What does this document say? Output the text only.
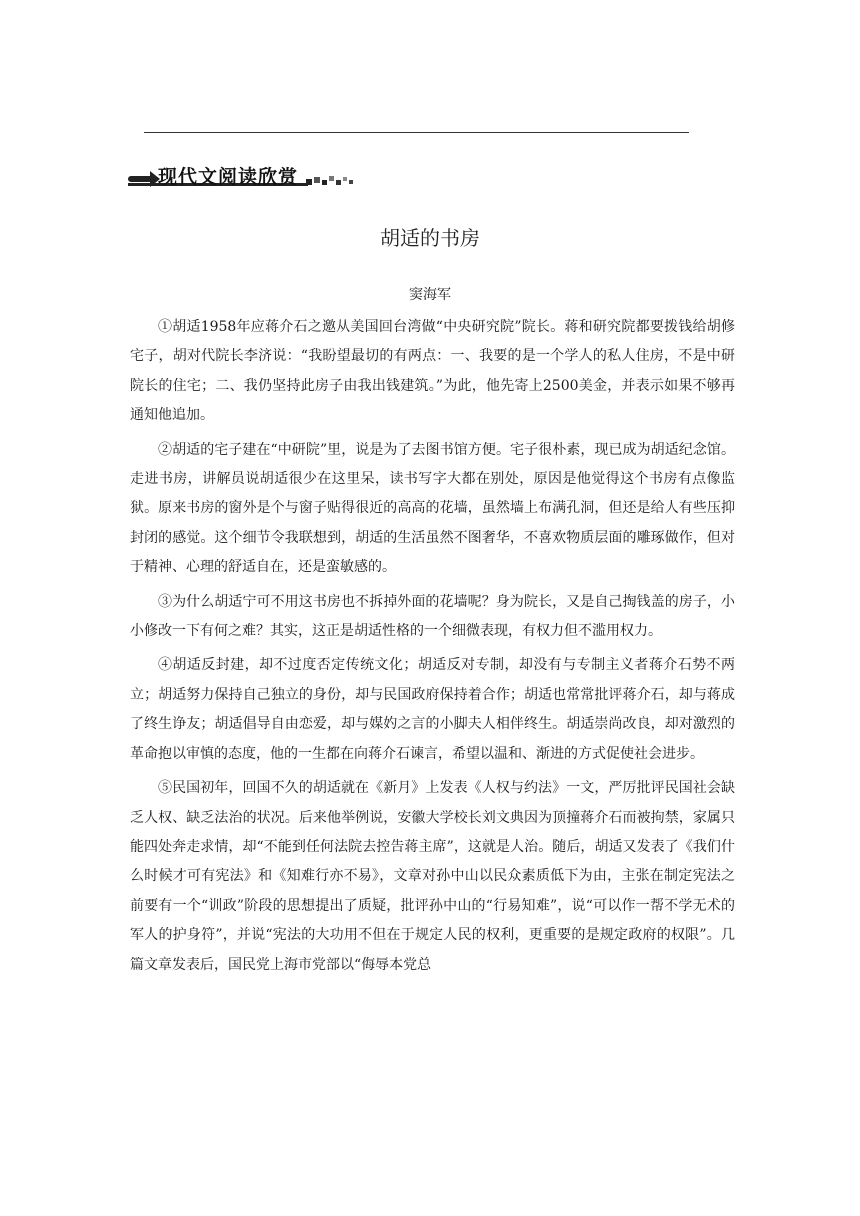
现代文阅读欣赏
胡适的书房
窦海军

①胡适1958年应蒋介石之邀从美国回台湾做“中央研究院”院长。蒋和研究院都要拨钱给胡修宅子，胡对代院长李济说：“我盼望最切的有两点：一、我要的是一个学人的私人住房，不是中研院长的住宅；二、我仍坚持此房子由我出钱建筑。”为此，他先寄上2500美金，并表示如果不够再通知他追加。

②胡适的宅子建在“中研院”里，说是为了去图书馆方便。宅子很朴素，现已成为胡适纪念馆。走进书房，讲解员说胡适很少在这里呆，读书写字大都在别处，原因是他觉得这个书房有点像监狱。原来书房的窗外是个与窗子贴得很近的高高的花墙，虽然墙上布满孔洞，但还是给人有些压抑封闭的感觉。这个细节令我联想到，胡适的生活虽然不图奢华，不喜欢物质层面的雕琢做作，但对于精神、心理的舒适自在，还是蛮敏感的。

③为什么胡适宁可不用这书房也不拆掉外面的花墙呢？身为院长，又是自己掏钱盖的房子，小小修改一下有何之难？其实，这正是胡适性格的一个细微表现，有权力但不滥用权力。

④胡适反封建，却不过度否定传统文化；胡适反对专制，却没有与专制主义者蒋介石势不两立；胡适努力保持自己独立的身份，却与民国政府保持着合作；胡适也常常批评蒋介石，却与蒋成了终生诤友；胡适倡导自由恋爱，却与媒妁之言的小脚夫人相伴终生。胡适崇尚改良，却对激烈的革命抱以审慎的态度，他的一生都在向蒋介石谏言，希望以温和、渐进的方式促使社会进步。

⑤民国初年，回国不久的胡适就在《新月》上发表《人权与约法》一文，严厉批评民国社会缺乏人权、缺乏法治的状况。后来他举例说，安徽大学校长刘文典因为顶撞蒋介石而被拘禁，家属只能四处奔走求情，却“不能到任何法院去控告蒋主席”，这就是人治。随后，胡适又发表了《我们什么时候才可有宪法》和《知难行亦不易》，文章对孙中山以民众素质低下为由，主张在制定宪法之前要有一个“训政”阶段的思想提出了质疑，批评孙中山的“行易知难”，说“可以作一帮不学无术的军人的护身符”，并说“宪法的大功用不但在于规定人民的权利，更重要的是规定政府的权限”。几篇文章发表后，国民党上海市党部以“侮辱本党总
